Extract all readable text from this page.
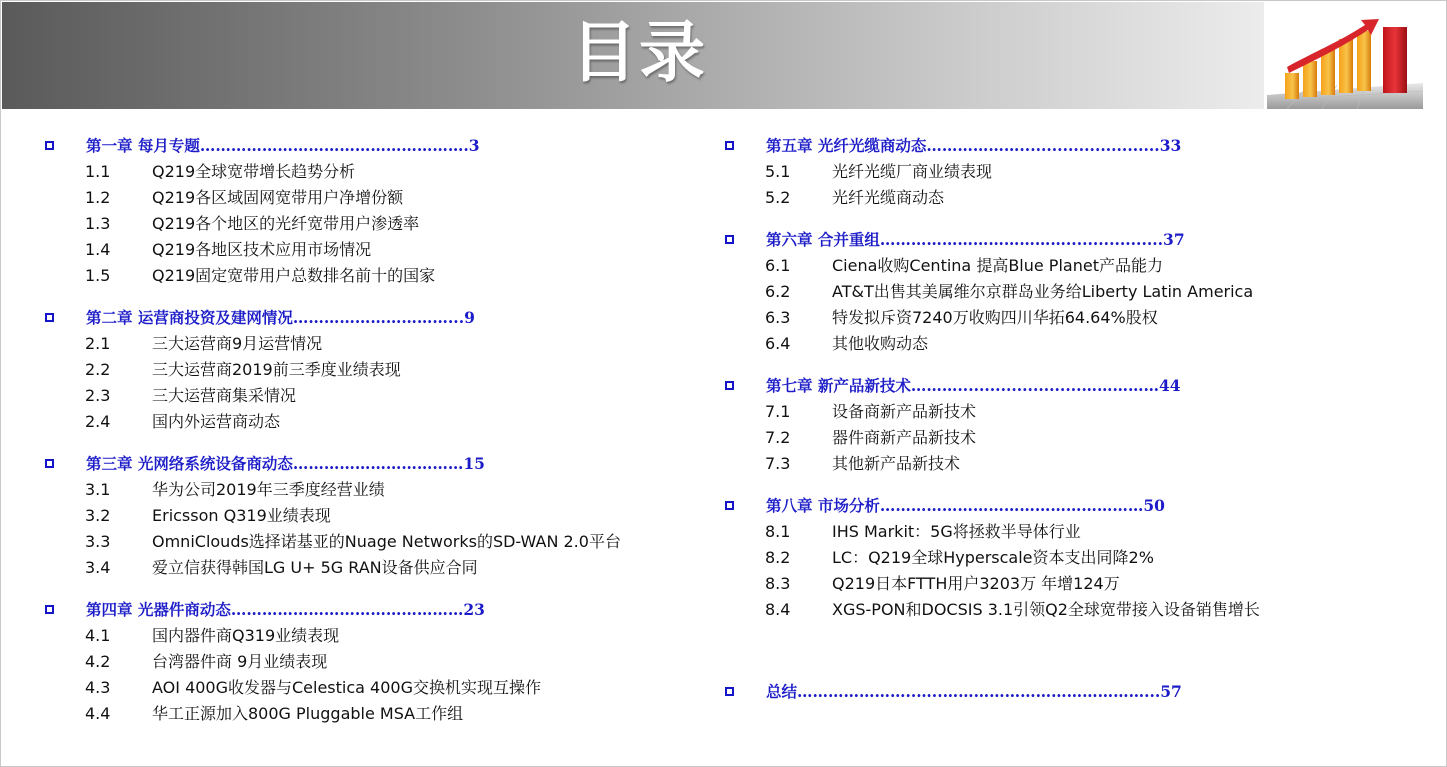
目录
第一章 每月专题…………………………………………….3
1.1	Q219全球宽带增长趋势分析
1.2	Q219各区域固网宽带用户净增份额
1.3	Q219各个地区的光纤宽带用户渗透率
1.4	Q219各地区技术应用市场情况
1.5	Q219固定宽带用户总数排名前十的国家
第二章 运营商投资及建网情况…………………………...9
2.1	三大运营商9月运营情况
2.2	三大运营商2019前三季度业绩表现
2.3	三大运营商集采情况
2.4	国内外运营商动态
第三章 光网络系统设备商动态……………………………15
3.1	华为公司2019年三季度经营业绩
3.2	Ericsson Q319业绩表现
3.3	OmniClouds选择诺基亚的Nuage Networks的SD-WAN 2.0平台
3.4	爱立信获得韩国LG U+ 5G RAN设备供应合同
第四章 光器件商动态………………………………………23
4.1	国内器件商Q319业绩表现
4.2	台湾器件商 9月业绩表现
4.3	AOI 400G收发器与Celestica 400G交换机实现互操作
4.4	华工正源加入800G Pluggable MSA工作组
第五章 光纤光缆商动态………………..........................33
5.1	光纤光缆厂商业绩表现
5.2	光纤光缆商动态
第六章 合并重组………………………………..................37
6.1	Ciena收购Centina 提高Blue Planet产品能力
6.2	AT&T出售其美属维尔京群岛业务给Liberty Latin America
6.3	特发拟斥资7240万收购四川华拓64.64%股权
6.4	其他收购动态
第七章 新产品新技术……….......................……………44
7.1	设备商新产品新技术
7.2	器件商新产品新技术
7.3	其他新产品新技术
第八章 市场分析……………………………………………50
8.1	IHS Markit：5G将拯救半导体行业
8.2	LC：Q219全球Hyperscale资本支出同降2%
8.3	Q219日本FTTH用户3203万 年增124万
8.4	XGS-PON和DOCSIS 3.1引领Q2全球宽带接入设备销售增长
总结…………………..…..…………………………………...57
